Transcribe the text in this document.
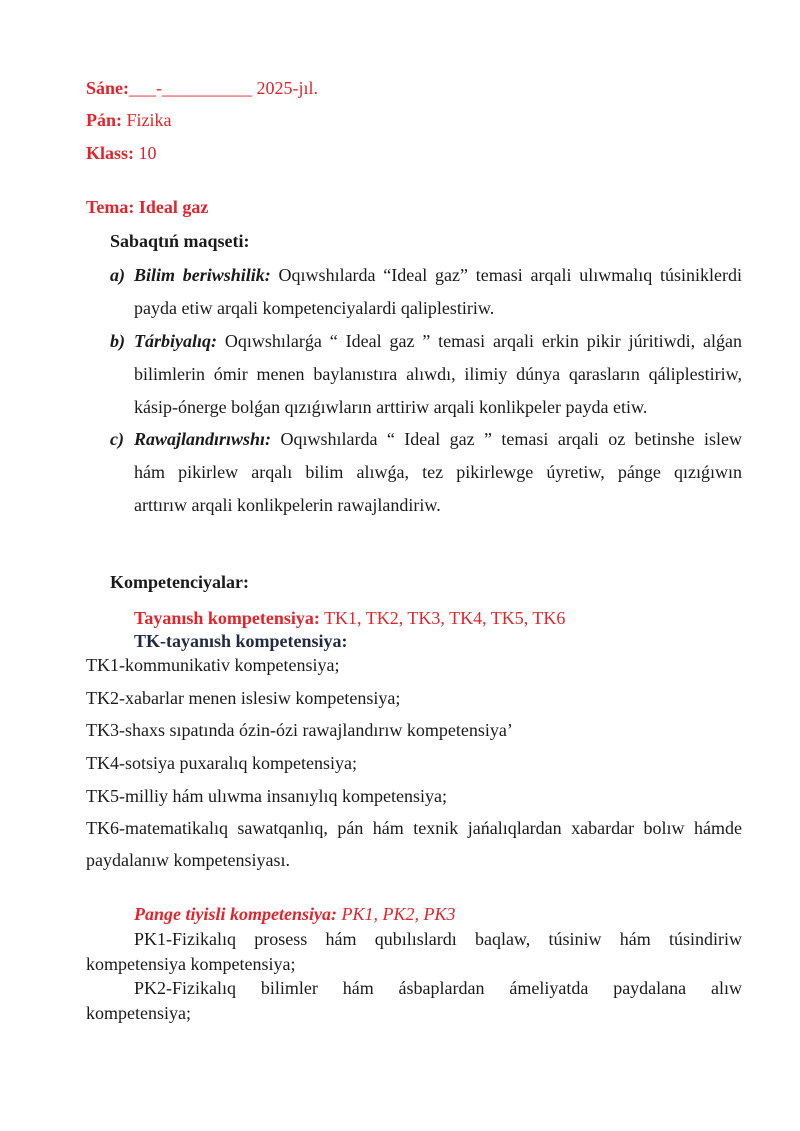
Sáne:___-__________ 2025-jıl.
Pán: Fizika
Klass: 10
Tema: Ideal gaz
Sabaqtıń maqseti:
a) Bilim beriwshilik: Oqıwshılarda “Ideal gaz” temasi arqali ulıwmalıq túsiniklerdi
payda etiw arqali kompetenciyalardi qaliplestiriw.
b) Tárbiyalıq: Oqıwshılarǵa “ Ideal gaz ” temasi arqali erkin pikir júritiwdi, alǵan
bilimlerin ómir menen baylanıstıra alıwdı, ilimiy dúnya qarasların qáliplestiriw,
kásip-ónerge bolǵan qızıǵıwların arttiriw arqali konlikpeler payda etiw.
c) Rawajlandırıwshı: Oqıwshılarda “ Ideal gaz ” temasi arqali oz betinshe islew
hám pikirlew arqalı bilim alıwǵa, tez pikirlewge úyretiw, pánge qızıǵıwın
arttırıw arqali konlikpelerin rawajlandiriw.
Kompetenciyalar:
Tayanısh kompetensiya: TK1, TK2, TK3, TK4, TK5, TK6
TK-tayanısh kompetensiya:
TK1-kommunikativ kompetensiya;
TK2-xabarlar menen islesiw kompetensiya;
TK3-shaxs sıpatında ózin-ózi rawajlandırıw kompetensiya’
TK4-sotsiya puxaralıq kompetensiya;
TK5-milliy hám ulıwma insanıylıq kompetensiya;
TK6-matematikalıq sawatqanlıq, pán hám texnik jańalıqlardan xabardar bolıw hámde
paydalanıw kompetensiyası.
Pange tiyisli kompetensiya: PK1, PK2, PK3
PK1-Fizikalıq prosess hám qubılıslardı baqlaw, túsiniw hám túsindiriw
kompetensiya kompetensiya;
PK2-Fizikalıq bilimler hám ásbaplardan ámeliyatda paydalana alıw
kompetensiya;
